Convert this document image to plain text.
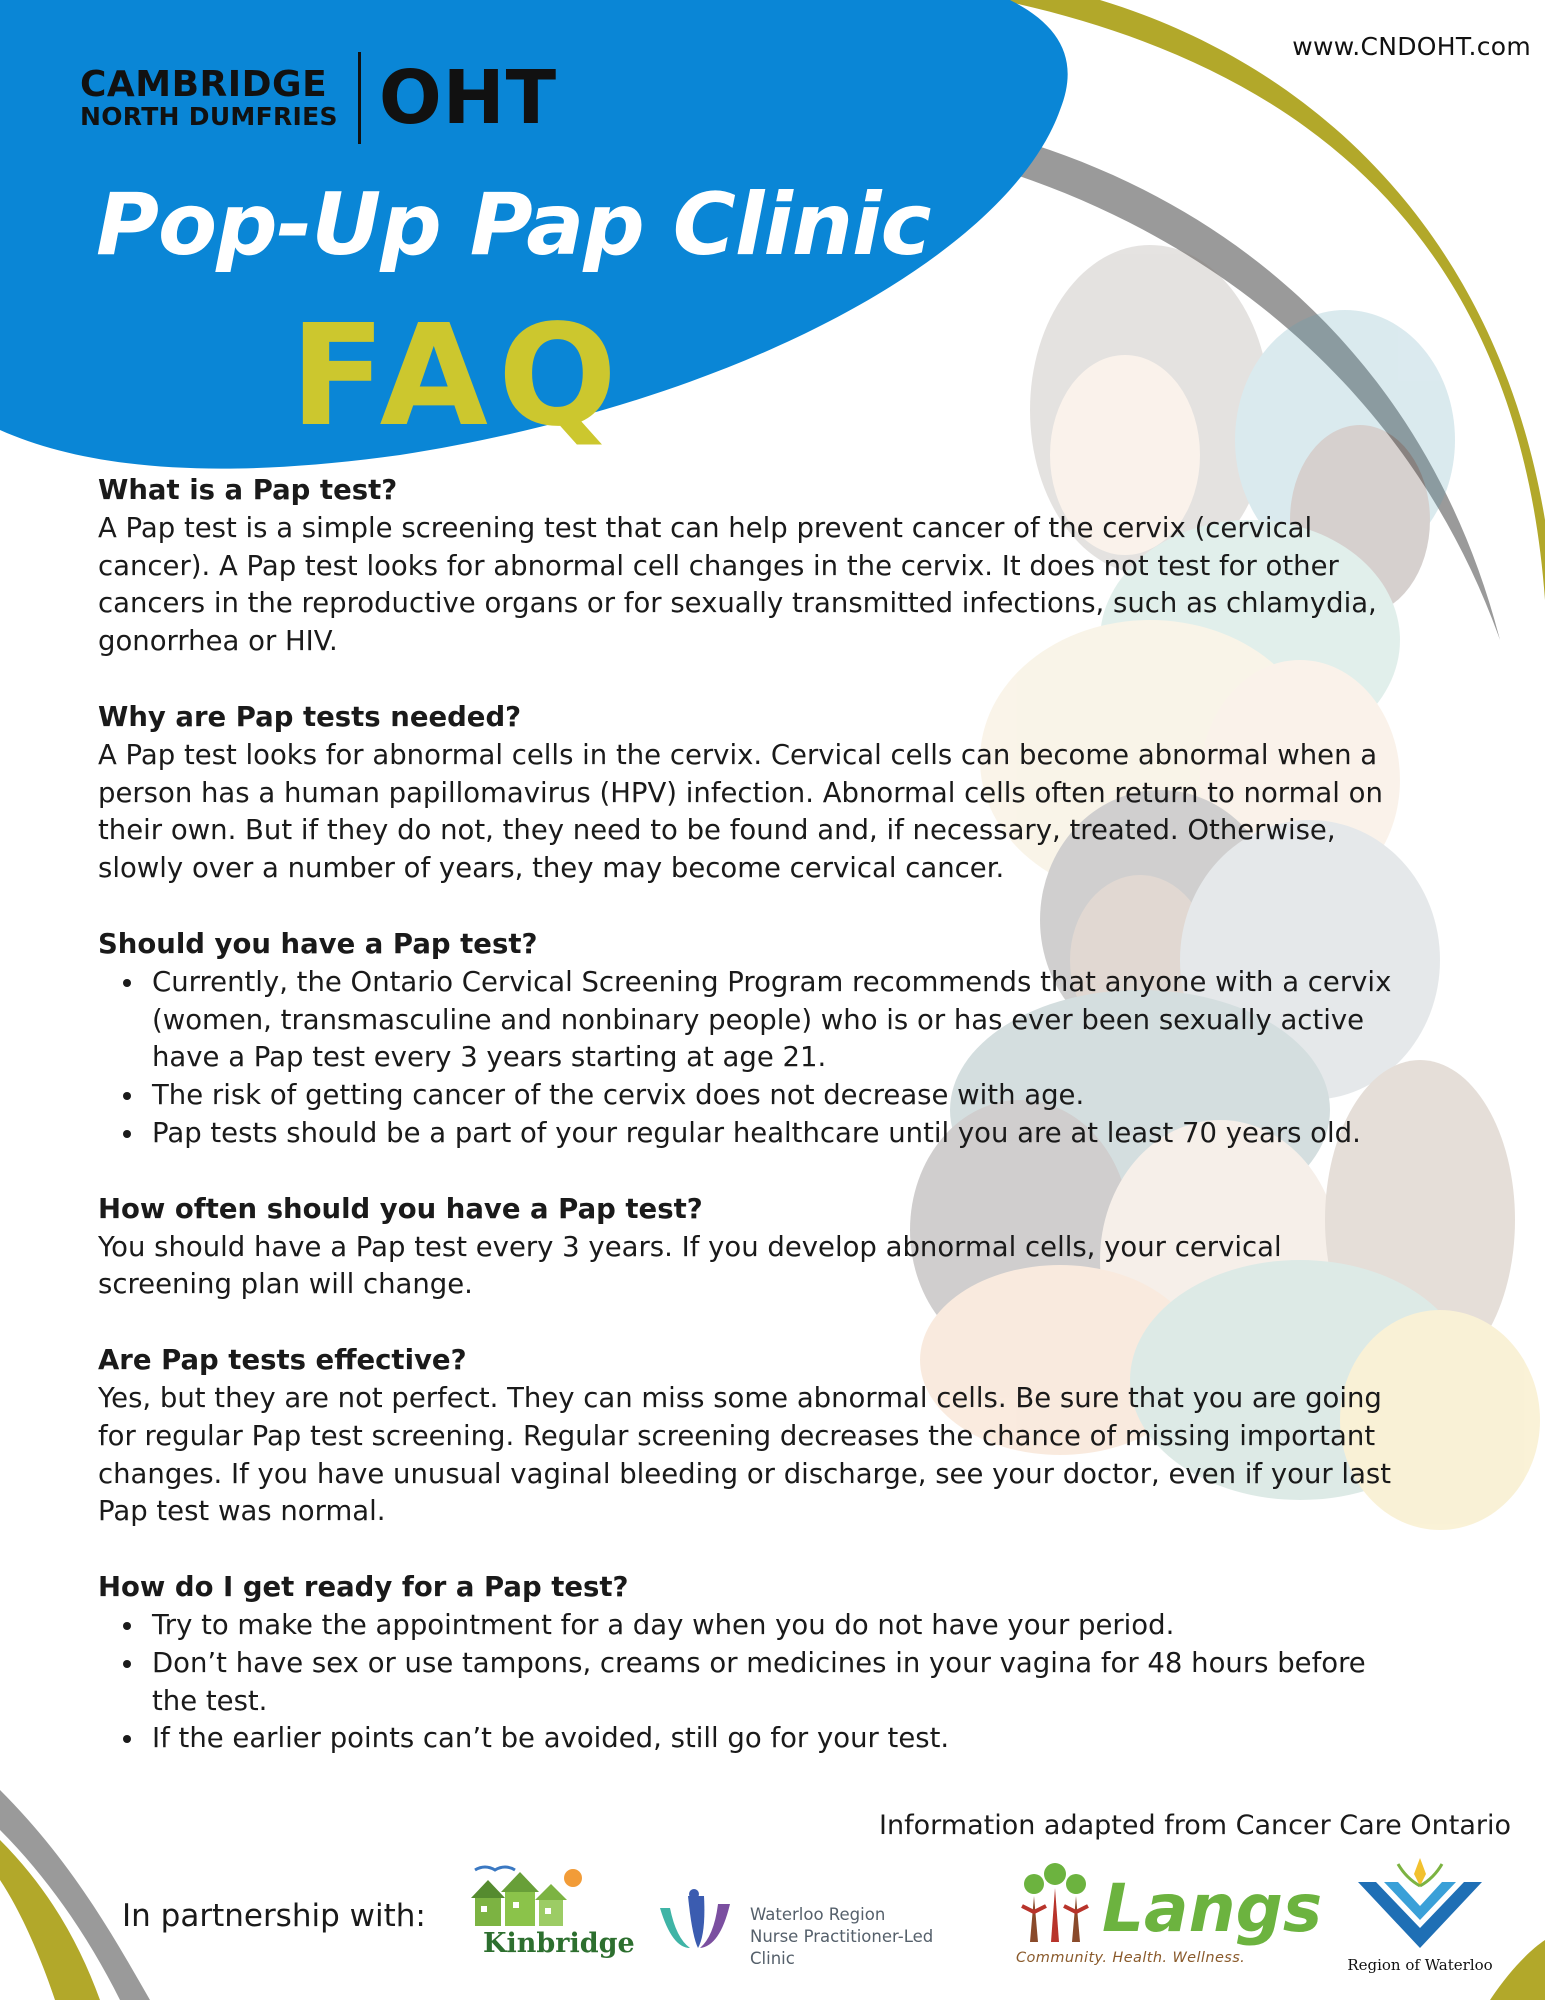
www.CNDOHT.com
CAMBRIDGE
NORTH DUMFRIES OHT
Pop-Up Pap Clinic
FAQ
What is a Pap test?

A Pap test is a simple screening test that can help prevent cancer of the cervix (cervical cancer). A Pap test looks for abnormal cell changes in the cervix. It does not test for other cancers in the reproductive organs or for sexually transmitted infections, such as chlamydia, gonorrhea or HIV.

Why are Pap tests needed?

A Pap test looks for abnormal cells in the cervix. Cervical cells can become abnormal when a person has a human papillomavirus (HPV) infection. Abnormal cells often return to normal on their own. But if they do not, they need to be found and, if necessary, treated. Otherwise, slowly over a number of years, they may become cervical cancer.

Should you have a Pap test?
• Currently, the Ontario Cervical Screening Program recommends that anyone with a cervix (women, transmasculine and nonbinary people) who is or has ever been sexually active have a Pap test every 3 years starting at age 21.
• The risk of getting cancer of the cervix does not decrease with age.
• Pap tests should be a part of your regular healthcare until you are at least 70 years old.
How often should you have a Pap test?

You should have a Pap test every 3 years. If you develop abnormal cells, your cervical screening plan will change.

Are Pap tests effective?

Yes, but they are not perfect. They can miss some abnormal cells. Be sure that you are going for regular Pap test screening. Regular screening decreases the chance of missing important changes. If you have unusual vaginal bleeding or discharge, see your doctor, even if your last Pap test was normal.

How do I get ready for a Pap test?
• Try to make the appointment for a day when you do not have your period.
• Don’t have sex or use tampons, creams or medicines in your vagina for 48 hours before the test.
• If the earlier points can’t be avoided, still go for your test.
Information adapted from Cancer Care Ontario
In partnership with:
Kinbridge
Waterloo Region
Nurse Practitioner-Led Clinic
Langs
Community. Health. Wellness.	Region of Waterloo
